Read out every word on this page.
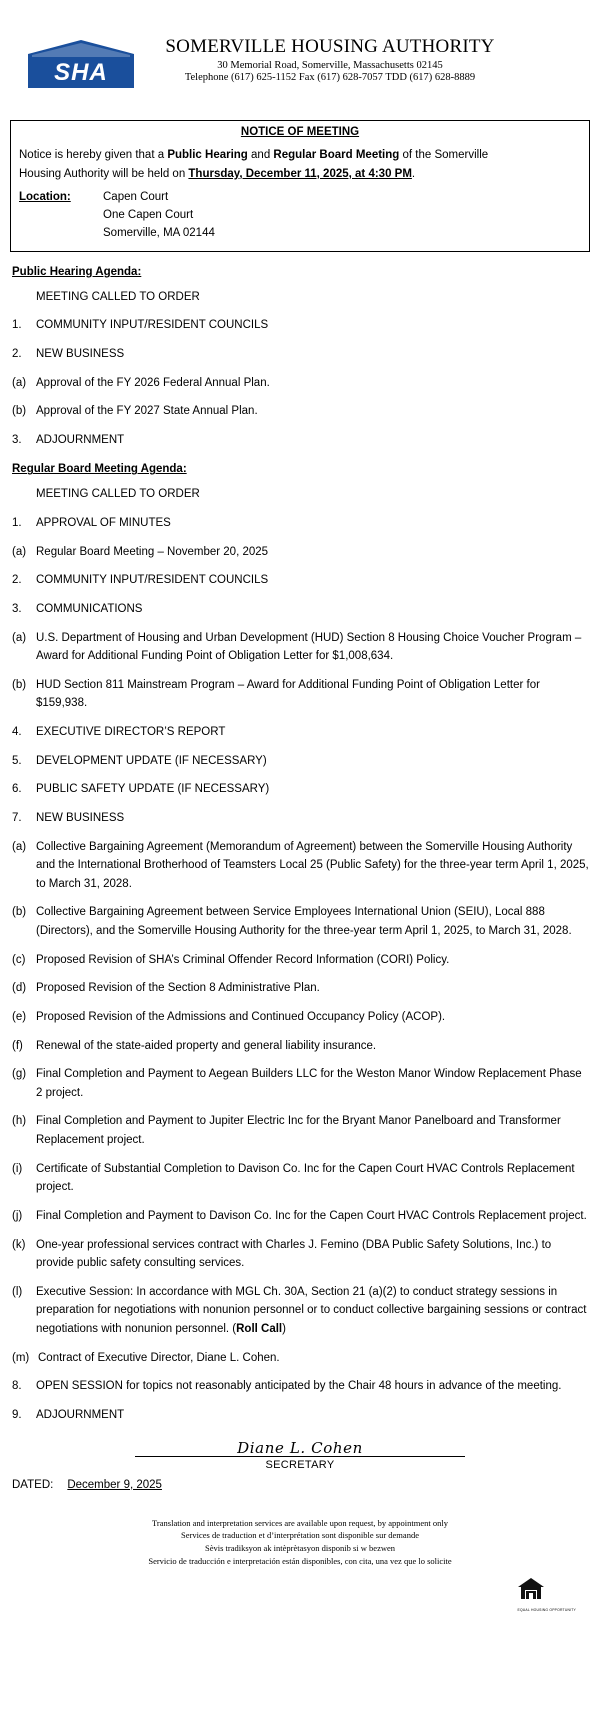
SHA
SOMERVILLE HOUSING AUTHORITY
30 Memorial Road, Somerville, Massachusetts 02145
Telephone (617) 625-1152 Fax (617) 628-7057 TDD (617) 628-8889
NOTICE OF MEETING
Notice is hereby given that a Public Hearing and Regular Board Meeting of the Somerville
Housing Authority will be held on Thursday, December 11, 2025, at 4:30 PM.
Location:	Capen Court
One Capen Court
Somerville, MA 02144
Public Hearing Agenda:
MEETING CALLED TO ORDER
1.	COMMUNITY INPUT/RESIDENT COUNCILS
2.	NEW BUSINESS
(a) Approval of the FY 2026 Federal Annual Plan.
(b) Approval of the FY 2027 State Annual Plan.
3.	ADJOURNMENT
Regular Board Meeting Agenda:
MEETING CALLED TO ORDER
1.	APPROVAL OF MINUTES
(a) Regular Board Meeting – November 20, 2025
2.	COMMUNITY INPUT/RESIDENT COUNCILS
3.	COMMUNICATIONS
(a) U.S. Department of Housing and Urban Development (HUD) Section 8 Housing Choice Voucher Program – Award for Additional Funding Point of Obligation Letter for $1,008,634.
(b) HUD Section 811 Mainstream Program – Award for Additional Funding Point of Obligation Letter for $159,938.
4.	EXECUTIVE DIRECTOR’S REPORT
5.	DEVELOPMENT UPDATE (IF NECESSARY)
6.	PUBLIC SAFETY UPDATE (IF NECESSARY)
7.	NEW BUSINESS
(a) Collective Bargaining Agreement (Memorandum of Agreement) between the Somerville Housing Authority and the International Brotherhood of Teamsters Local 25 (Public Safety) for the three-year term April 1, 2025, to March 31, 2028.
(b) Collective Bargaining Agreement between Service Employees International Union (SEIU), Local 888 (Directors), and the Somerville Housing Authority for the three-year term April 1, 2025, to March 31, 2028.
(c) Proposed Revision of SHA’s Criminal Offender Record Information (CORI) Policy.
(d) Proposed Revision of the Section 8 Administrative Plan.
(e) Proposed Revision of the Admissions and Continued Occupancy Policy (ACOP).
(f)	Renewal of the state-aided property and general liability insurance.
(g) Final Completion and Payment to Aegean Builders LLC for the Weston Manor Window Replacement Phase 2 project.
(h) Final Completion and Payment to Jupiter Electric Inc for the Bryant Manor Panelboard and Transformer Replacement project.
(i)	Certificate of Substantial Completion to Davison Co. Inc for the Capen Court HVAC Controls Replacement project.
(j)	Final Completion and Payment to Davison Co. Inc for the Capen Court HVAC Controls Replacement project.
(k) One-year professional services contract with Charles J. Femino (DBA Public Safety Solutions, Inc.) to provide public safety consulting services.
(l)	Executive Session: In accordance with MGL Ch. 30A, Section 21 (a)(2) to conduct strategy sessions in preparation for negotiations with nonunion personnel or to conduct collective bargaining sessions or contract negotiations with nonunion personnel. (Roll Call)
(m) Contract of Executive Director, Diane L. Cohen.
8.	OPEN SESSION for topics not reasonably anticipated by the Chair 48 hours in advance of the meeting.
9.	ADJOURNMENT
Diane L. Cohen
SECRETARY
DATED: December 9, 2025
Translation and interpretation services are available upon request, by appointment only
Services de traduction et d’interprétation sont disponible sur demande
Sèvis tradiksyon ak intèprètasyon disponib si w bezwen
Servicio de traducción e interpretación están disponibles, con cita, una vez que lo solicite
EQUAL HOUSING OPPORTUNITY
